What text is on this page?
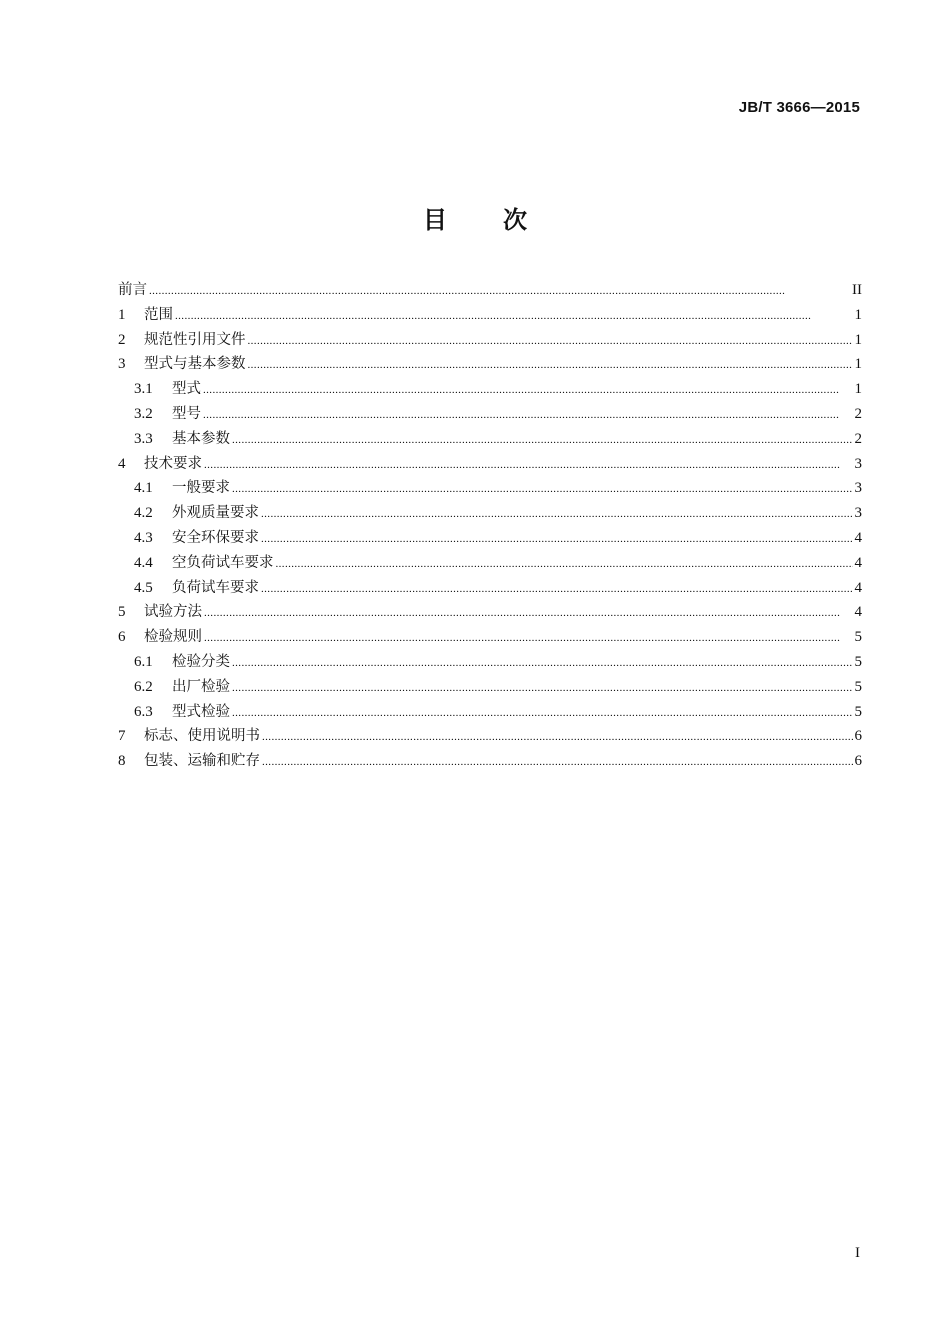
JB/T 3666—2015
目 次
前言 .....	II
1	范围 .....	1
2	规范性引用文件 .....	1
3	型式与基本参数 .....	1
3.1	型式 .....	1
3.2	型号 .....	2
3.3	基本参数 .....	2
4	技术要求 .....	3
4.1	一般要求 .....	3
4.2	外观质量要求 .....	3
4.3	安全环保要求 .....	4
4.4	空负荷试车要求 .....	4
4.5	负荷试车要求 .....	4
5	试验方法 .....	4
6	检验规则 .....	5
6.1	检验分类 .....	5
6.2	出厂检验 .....	5
6.3	型式检验 .....	5
7	标志、使用说明书 .....	6
8	包装、运输和贮存 .....	6
I
